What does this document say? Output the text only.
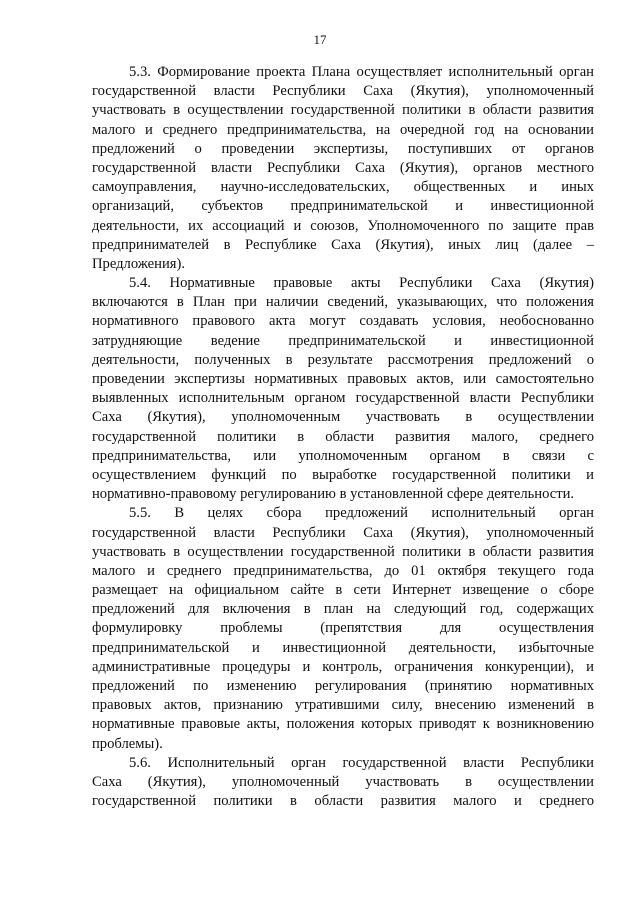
17
5.3. Формирование проекта Плана осуществляет исполнительный орган
государственной власти Республики Саха (Якутия), уполномоченный
участвовать в осуществлении государственной политики в области развития
малого и среднего предпринимательства, на очередной год на основании
предложений о проведении экспертизы, поступивших от органов
государственной власти Республики Саха (Якутия), органов местного
самоуправления, научно-исследовательских, общественных и иных
организаций, субъектов предпринимательской и инвестиционной
деятельности, их ассоциаций и союзов, Уполномоченного по защите прав
предпринимателей в Республике Саха (Якутия), иных лиц (далее –
Предложения).
5.4. Нормативные правовые акты Республики Саха (Якутия)
включаются в План при наличии сведений, указывающих, что положения
нормативного правового акта могут создавать условия, необоснованно
затрудняющие ведение предпринимательской и инвестиционной
деятельности, полученных в результате рассмотрения предложений о
проведении экспертизы нормативных правовых актов, или самостоятельно
выявленных исполнительным органом государственной власти Республики
Саха (Якутия), уполномоченным участвовать в осуществлении
государственной политики в области развития малого, среднего
предпринимательства, или уполномоченным органом в связи с
осуществлением функций по выработке государственной политики и
нормативно-правовому регулированию в установленной сфере деятельности.
5.5. В целях сбора предложений исполнительный орган
государственной власти Республики Саха (Якутия), уполномоченный
участвовать в осуществлении государственной политики в области развития
малого и среднего предпринимательства, до 01 октября текущего года
размещает на официальном сайте в сети Интернет извещение о сборе
предложений для включения в план на следующий год, содержащих
формулировку проблемы (препятствия для осуществления
предпринимательской и инвестиционной деятельности, избыточные
административные процедуры и контроль, ограничения конкуренции), и
предложений по изменению регулирования (принятию нормативных
правовых актов, признанию утратившими силу, внесению изменений в
нормативные правовые акты, положения которых приводят к возникновению
проблемы).
5.6. Исполнительный орган государственной власти Республики
Саха (Якутия), уполномоченный участвовать в осуществлении
государственной политики в области развития малого и среднего
